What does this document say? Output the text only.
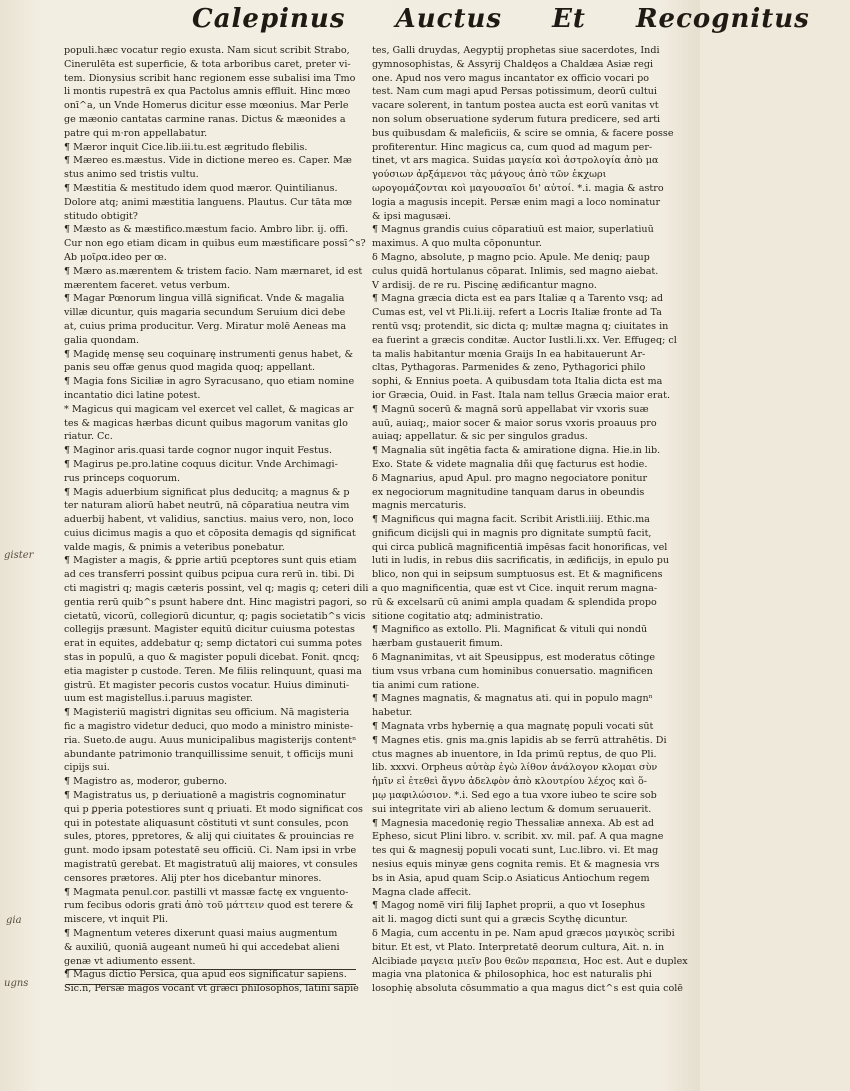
Calepinus Auctus Et Recognitus
gister
gia
ugns
populi.hæc vocatur regio exusta. Nam sicut scribit Strabo,
Cinerulēta est superficie, & tota arboribus caret, preter vi-
tem. Dionysius scribit hanc regionem esse subalisi ima Tmo
li montis rupestrā ex qua Pactolus amnis effluit. Hinc mœo
onī^a, un Vnde Homerus dicitur esse mœonius. Mar Perle
ge mæonio cantatas carmine ranas. Dictus & mæonides a
patre qui m·ron appellabatur.
¶ Mæror inquit Cice.lib.iii.tu.est ægritudo flebilis.
¶ Mæreo es.mæstus. Vide in dictione mereo es. Caper. Mæ
stus animo sed tristis vultu.
¶ Mæstitia & mestitudo idem quod mæror. Quintilianus.
Dolore atq; animi mæstitia languens. Plautus. Cur tāta mœ
stitudo obtigit?
¶ Mæsto as & mæstifico.mæstum facio. Ambro libr. ij. offi.
Cur non ego etiam dicam in quibus eum mæstificare possī^s?
Ab μοῖρα.ideo per œ.
¶ Mæro as.mærentem & tristem facio. Nam mærnaret, id est
mærentem faceret. vetus verbum.
¶ Magar Pœnorum lingua villā significat. Vnde & magalia
villæ dicuntur, quis magaria secundum Seruium dici debe
at, cuius prima producitur. Verg. Miratur molē Aeneas ma
galia quondam.
¶ Magidę mensę seu coquinarę instrumenti genus habet, &
panis seu offæ genus quod magida quoq; appellant.
¶ Magia fons Siciliæ in agro Syracusano, quo etiam nomine
incantatio dici latine potest.
* Magicus qui magicam vel exercet vel callet, & magicas ar
tes & magicas hærbas dicunt quibus magorum vanitas glo
riatur. Cc.
¶ Maginor aris.quasi tarde cognor nugor inquit Festus.
¶ Magirus pe.pro.latine coquus dicitur. Vnde Archimagi-
rus princeps coquorum.
¶ Magis aduerbium significat plus deducitq; a magnus & p
ter naturam aliorū habet neutrū, nā cōparatiua neutra vim
aduerbij habent, vt validius, sanctius. maius vero, non, loco
cuius dicimus magis a quo et cōposita demagis qd significat
valde magis, & pnimis a veteribus ponebatur.
¶ Magister a magis, & ꝑprie artiū pceptores sunt quis etiam
ad ces transferri possint quibus pcipua cura rerū in. tibi. Di
cti magistri q; magis cæteris possint, vel q; magis q; ceteri dili
gentia rerū quib^s psunt habere dnt. Hinc magistri pagori, so
cietatū, vicorū, collegiorū dicuntur, q; pagis societatib^s vicis
collegijs præsunt. Magister equitū dicitur cuiusma potestas
erat in equites, addebatur q; semp dictatori cui summa potes
stas in populū, a quo & magister populi dicebat. Fonit. qncq;
etia magister p custode. Teren. Me filiis relinquunt, quasi ma
gistrū. Et magister pecoris custos vocatur. Huius diminuti-
uum est magistellus.i.paruus magister.
¶ Magisteriū magistri dignitas seu officium. Nā magisteria
fic a magistro videtur deduci, quo modo a ministro ministe-
ria. Sueto.de augu. Auus municipalibus magisterijs contentⁿ
abundante patrimonio tranquillissime senuit, t officijs muni
cipijs sui.
¶ Magistro as, moderor, guberno.
¶ Magistratus us, p deriuationē a magistris cognominatur
qui p ꝑperia potestiores sunt q priuati. Et modo significat cos
qui in potestate aliquasunt cōstituti vt sunt consules, pcon
sules, ptores, ppretores, & alij qui ciuitates & prouincias re
gunt. modo ipsam potestatē seu officiū. Ci. Nam ipsi in vrbe
magistratū gerebat. Et magistratuū alij maiores, vt consules
censores prætores. Alij pter hos dicebantur minores.
¶ Magmata penul.cor. pastilli vt massæ factę ex vnguento-
rum fecibus odoris grati ἀπὸ τοῦ μάττειν quod est terere &
miscere, vt inquit Pli.
¶ Magnentum veteres dixerunt quasi maius augmentum
& auxiliū, quoniā augeant numeū hi qui accedebat alieni
genæ vt adiumento essent.
¶ Magus dictio Persica, qua apud eos significatur sapiens.
Sic.n, Persæ magos vocant vt græci philosophos, latini sapie
tes, Galli druydas, Aegyptij prophetas siue sacerdotes, Indi
gymnosophistas, & Assyrij Chaldęos a Chaldæa Asiæ regi
one. Apud nos vero magus incantator ex officio vocari po
test. Nam cum magi apud Persas potissimum, deorū cultui
vacare solerent, in tantum postea aucta est eorū vanitas vt
non solum obseruatione syderum futura predicere, sed arti
bus quibusdam & maleficiis, & scire se omnia, & facere posse
profiterentur. Hinc magicus ca, cum quod ad magum per-
tinet, vt ars magica. Suidas μαγεία κοὶ ἀστρολογία ἀπὸ μα
γούσιων ἀρξάμενοι τὰς μάγους ἀπὸ τῶν ἐκχωρι
ωρογομάζονται κοὶ μαγουσαῖοι δι' αὐτοί. *.i. magia & astro
logia a magusis incepit. Persæ enim magi a loco nominatur
& ipsi magusæi.
¶ Magnus grandis cuius cōparatiuū est maior, superlatiuū
maximus. A quo multa cōponuntur.
δ Magno, absolute, p magno pcio. Apule. Me deniq; paup
culus quidā hortulanus cōparat. Inlimis, sed magno aiebat.
V ardisij. de re ru. Piscinę ædificantur magno.
¶ Magna græcia dicta est ea pars Italiæ q a Tarento vsq; ad
Cumas est, vel vt Pli.li.iij. refert a Locris Italiæ fronte ad Ta
rentū vsq; protendit, sic dicta q; multæ magna q; ciuitates in
ea fuerint a græcis conditæ. Auctor Iustli.li.xx. Ver. Effugeq; cl
ta malis habitantur mœnia Graijs In ea habitauerunt Ar-
cltas, Pythagoras. Parmenides & zeno, Pythagorici philo
sophi, & Ennius poeta. A quibusdam tota Italia dicta est ma
ior Græcia, Ouid. in Fast. Itala nam tellus Græcia maior erat.
¶ Magnū socerū & magnā sorū appellabat vir vxoris suæ
auū, auiaq;, maior socer & maior sorus vxoris proauus pro
auiaq; appellatur. & sic per singulos gradus.
¶ Magnalia sūt ingētia facta & amiratione digna. Hie.in lib.
Exo. State & videte magnalia dñi quę facturus est hodie.
δ Magnarius, apud Apul. pro magno negociatore ponitur
ex negociorum magnitudine tanquam darus in obeundis
magnis mercaturis.
¶ Magnificus qui magna facit. Scribit Aristli.iiij. Ethic.ma
gnificum dicijsli qui in magnis pro dignitate sumptū facit,
qui circa publicā magnificentiā impēsas facit honorificas, vel
luti in ludis, in rebus diis sacrificatis, in ædificijs, in epulo pu
blico, non qui in seipsum sumptuosus est. Et & magnificens
a quo magnificentia, quæ est vt Cice. inquit rerum magna-
rū & excelsarū cū animi ampla quadam & splendida propo
sitione cogitatio atq; administratio.
¶ Magnifico as extollo. Pli. Magnificat & vituli qui nondū
hærbam gustauerit fimum.
δ Magnanimitas, vt ait Speusippus, est moderatus cōtinge
tium vsus vrbana cum hominibus conuersatio. magnificen
tia animi cum ratione.
¶ Magnes magnatis, & magnatus ati. qui in populo magnⁿ
habetur.
¶ Magnata vrbs hybernię a qua magnatę populi vocati sūt
¶ Magnes etis. gnis ma.gnis lapidis ab se ferrū attrahētis. Di
ctus magnes ab inuentore, in Ida primū reptus, de quo Pli.
lib. xxxvi. Orpheus αὐτὰρ ἐγὼ λίθον ἀνάλογον κλομαι σὺν
ἡμῖν εἰ ἐτεθεὶ ἄγνυ ἀδελφὸν ἀπὸ κλουτρίου λέχος καὶ ὅ-
μῳ μαφιλώσιον. *.i. Sed ego a tua vxore iubeo te scire sob
sui integritate viri ab alieno lectum & domum seruauerit.
¶ Magnesia macedonię regio Thessaliæ annexa. Ab est ad
Epheso, sicut Plini libro. v. scribit. xv. mil. paf. A qua magne
tes qui & magnesij populi vocati sunt, Luc.libro. vi. Et mag
nesius equis minyæ gens cognita remis. Et & magnesia vrs
bs in Asia, apud quam Scip.o Asiaticus Antiochum regem
Magna clade affecit.
¶ Magog nomē viri filij Iaphet proprii, a quo vt Iosephus
ait li. magog dicti sunt qui a græcis Scythę dicuntur.
δ Magia, cum accentu in pe. Nam apud græcos μαγικὸς scribi
bitur. Et est, vt Plato. Interpretatē deorum cultura, Ait. n. in
Alcibiade μαγεια μιεῖν βου θεῶν περαπεια, Hoc est. Aut e duplex
magia vna platonica & philosophica, hoc est naturalis phi
losophię absoluta cōsummatio a qua magus dict^s est quia colē
